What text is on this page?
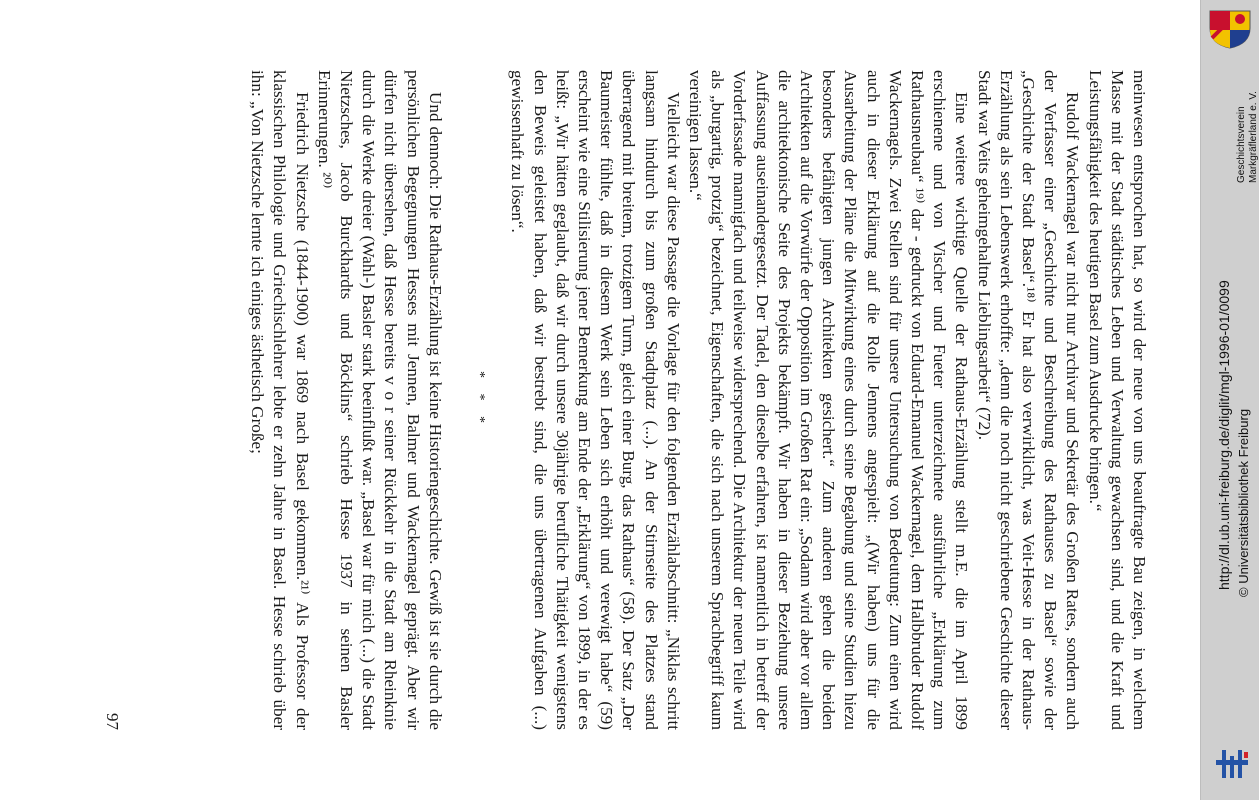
meinwesen entsprochen hat, so wird der neue von uns beauftragte Bau zeigen, in welchem Masse mit der Stadt städtisches Leben und Verwaltung gewachsen sind, und die Kraft und Leistungsfähigkeit des heutigen Basel zum Ausdrucke bringen.“

Rudolf Wackernagel war nicht nur Archivar und Sekretär des Großen Rates, sondern auch der Verfasser einer „Geschichte und Beschreibung des Rathauses zu Basel“ sowie der „Geschichte der Stadt Basel“.¹⁸⁾ Er hat also verwirklicht, was Veit-Hesse in der Rathaus-Erzählung als sein Lebenswerk erhoffte: „denn die noch nicht geschriebene Geschichte dieser Stadt war Veits geheimgehaltne Lieblingsarbeit“ (72).

Eine weitere wichtige Quelle der Rathaus-Erzählung stellt m.E. die im April 1899 erschienene und von Vischer und Fueter unterzeichnete ausführliche „Erklärung zum Rathausneubau“ ¹⁹⁾ dar - gedruckt von Eduard-Emanuel Wackernagel, dem Halbbruder Rudolf Wackernagels. Zwei Stellen sind für unsere Untersuchung von Bedeutung: Zum einen wird auch in dieser Erklärung auf die Rolle Jennens angespielt: „(Wir haben) uns für die Ausarbeitung der Pläne die Mitwirkung eines durch seine Begabung und seine Studien hiezu besonders befähigten jungen Architekten gesichert.“ Zum anderen gehen die beiden Architekten auf die Vorwürfe der Opposition im Großen Rat ein: „Sodann wird aber vor allem die architektonische Seite des Projekts bekämpft. Wir haben in dieser Beziehung unsere Auffassung auseinandergesetzt. Der Tadel, den dieselbe erfahren, ist namentlich in betreff der Vorderfassade mannigfach und teilweise widersprechend. Die Architektur der neuen Teile wird als „burgartig, protzig“ bezeichnet, Eigenschaften, die sich nach unserem Sprachbegriff kaum vereinigen lassen.“

Vielleicht war diese Passage die Vorlage für den folgenden Erzählabschnitt: „Niklas schritt langsam hindurch bis zum großen Stadtplatz (...). An der Stirnseite des Platzes stand überragend mit breitem, trotzigem Turm, gleich einer Burg, das Rathaus“ (58). Der Satz „Der Baumeister fühlte, daß in diesem Werk sein Leben sich erhöht und verewigt habe“ (59) erscheint wie eine Stilisierung jener Bemerkung am Ende der „Erklärung“ von 1899, in der es heißt: „Wir hätten geglaubt, daß wir durch unsere 30jährige berufliche Thätigkeit wenigstens den Beweis geleistet haben, daß wir bestrebt sind, die uns übertragenen Aufgaben (...) gewissenhaft zu lösen“.

* * *

Und dennoch: Die Rathaus-Erzählung ist keine Historiengeschichte. Gewiß ist sie durch die persönlichen Begegnungen Hesses mit Jennen, Balmer und Wackernagel geprägt. Aber wir dürfen nicht übersehen, daß Hesse bereits v o r seiner Rückkehr in die Stadt am Rheinknie durch die Werke dreier (Wahl-) Basler stark beeinflußt war. „Basel war für mich (...) die Stadt Nietzsches, Jacob Burckhardts und Böcklins“ schrieb Hesse 1937 in seinen Basler Erinnerungen. ²⁰⁾

Friedrich Nietzsche (1844-1900) war 1869 nach Basel gekommen.²¹⁾ Als Professor der klassischen Philologie und Griechischlehrer lebte er zehn Jahre in Basel. Hesse schrieb über ihn: „Von Nietzsche lernte ich einiges ästhetisch Große;

97
Geschichtsverein Markgräflerland e. V.
http://dl.ub.uni-freiburg.de/diglit/mgl-1996-01/0099 © Universitätsbibliothek Freiburg
